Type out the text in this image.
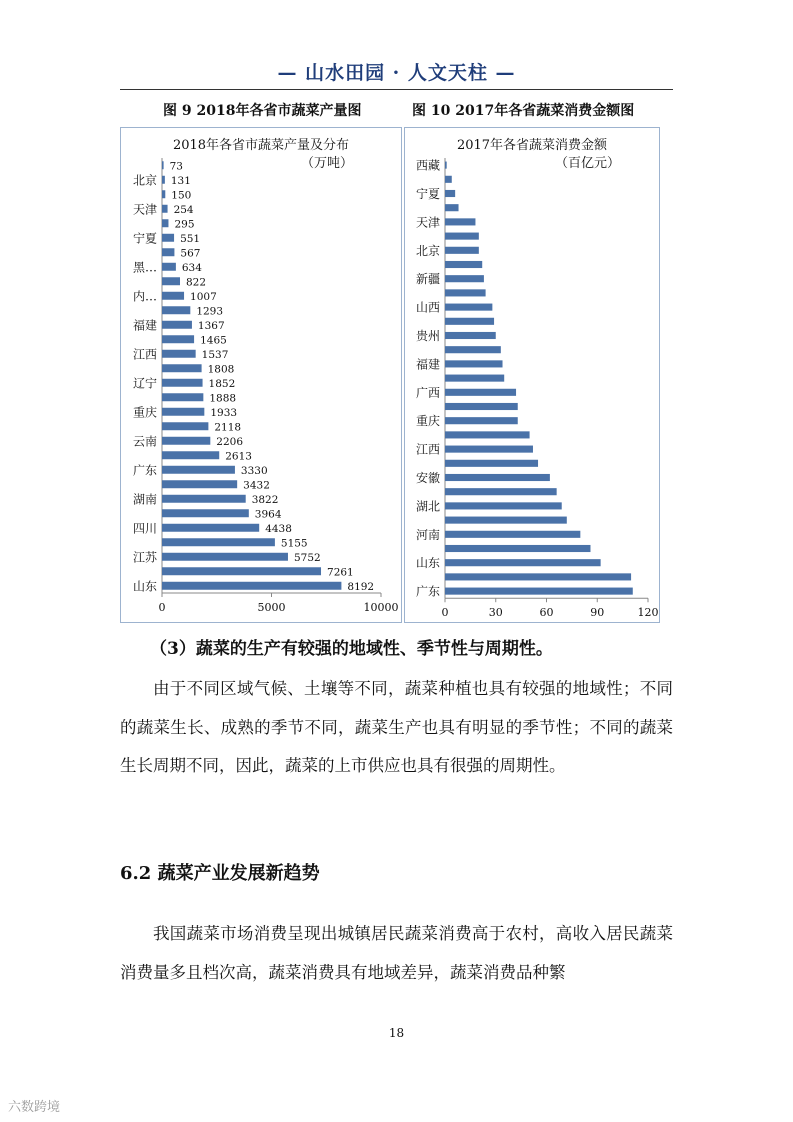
— 山水田园 · 人文天柱 —
图 9 2018年各省市蔬菜产量图	图 10 2017年各省蔬菜消费金额图
2018年各省市蔬菜产量及分布
（万吨）
73
北京 131
150
天津 254
295
宁夏 551
567
黑… 634
822
内…	1007
1293
福建	1367
1465
江西	1537
1808
辽宁	1852
1888
重庆	1933
2118
云南	2206
2613
广东	3330
3432
湖南	3822
3964
四川	4438
5155
江苏	5752
7261
山东	8192
0	5000	10000
2017年各省蔬菜消费金额
（百亿元）
西藏
宁夏
天津
北京
新疆
山西
贵州
福建
广西
重庆
江西
安徽
湖北
河南
山东
广东
0	30	60	90	120
（3）蔬菜的生产有较强的地域性、季节性与周期性。
由于不同区域气候、土壤等不同，蔬菜种植也具有较强的地域性；不同的蔬菜生长、成熟的季节不同，蔬菜生产也具有明显的季节性；不同的蔬菜生长周期不同，因此，蔬菜的上市供应也具有很强的周期性。
6.2 蔬菜产业发展新趋势
我国蔬菜市场消费呈现出城镇居民蔬菜消费高于农村，高收入居民蔬菜消费量多且档次高，蔬菜消费具有地域差异，蔬菜消费品种繁
18
六数跨境
